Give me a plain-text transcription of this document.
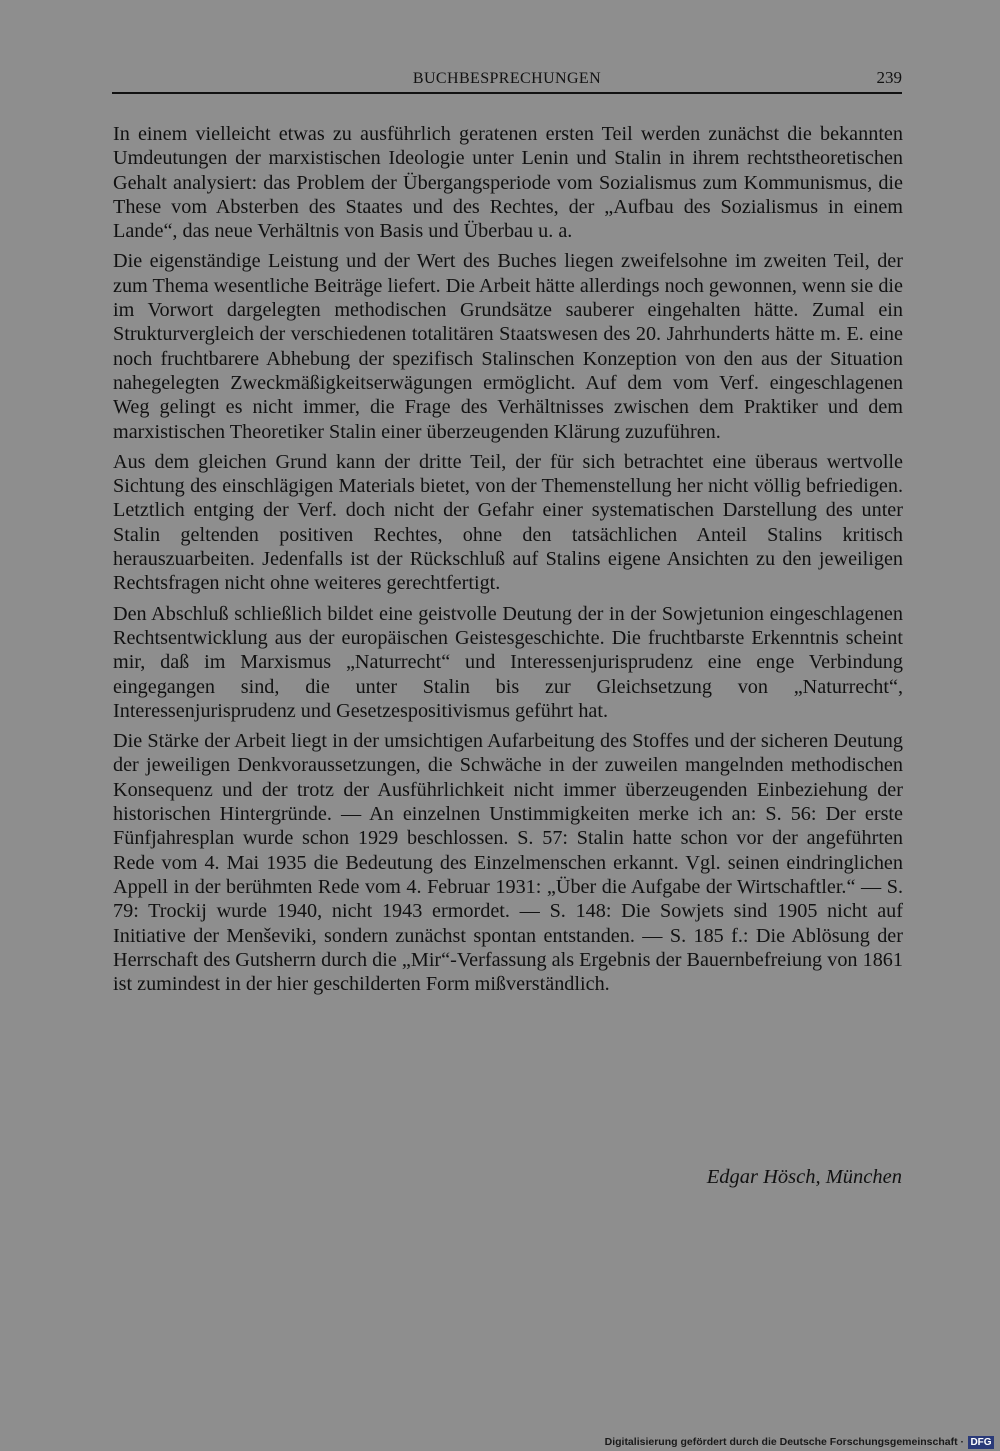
BUCHBESPRECHUNGEN	239

In einem vielleicht etwas zu ausführlich geratenen ersten Teil werden zunächst die bekannten Umdeutungen der marxistischen Ideologie unter Lenin und Stalin in ihrem rechtstheoretischen Gehalt analysiert: das Problem der Übergangsperiode vom Sozialismus zum Kommunismus, die These vom Absterben des Staates und des Rechtes, der „Aufbau des Sozialismus in einem Lande“, das neue Verhältnis von Basis und Überbau u. a.

Die eigenständige Leistung und der Wert des Buches liegen zweifelsohne im zweiten Teil, der zum Thema wesentliche Beiträge liefert. Die Arbeit hätte allerdings noch gewonnen, wenn sie die im Vorwort dargelegten methodischen Grundsätze sauberer eingehalten hätte. Zumal ein Strukturvergleich der verschiedenen totalitären Staatswesen des 20. Jahrhunderts hätte m. E. eine noch fruchtbarere Abhebung der spezifisch Stalinschen Konzeption von den aus der Situation nahegelegten Zweckmäßigkeitserwägungen ermöglicht. Auf dem vom Verf. eingeschlagenen Weg gelingt es nicht immer, die Frage des Verhältnisses zwischen dem Praktiker und dem marxistischen Theoretiker Stalin einer überzeugenden Klärung zuzuführen.

Aus dem gleichen Grund kann der dritte Teil, der für sich betrachtet eine überaus wertvolle Sichtung des einschlägigen Materials bietet, von der Themenstellung her nicht völlig befriedigen. Letztlich entging der Verf. doch nicht der Gefahr einer systematischen Darstellung des unter Stalin geltenden positiven Rechtes, ohne den tatsächlichen Anteil Stalins kritisch herauszuarbeiten. Jedenfalls ist der Rückschluß auf Stalins eigene Ansichten zu den jeweiligen Rechtsfragen nicht ohne weiteres gerechtfertigt.

Den Abschluß schließlich bildet eine geistvolle Deutung der in der Sowjetunion eingeschlagenen Rechtsentwicklung aus der europäischen Geistesgeschichte. Die fruchtbarste Erkenntnis scheint mir, daß im Marxismus „Naturrecht“ und Interessenjurisprudenz eine enge Verbindung eingegangen sind, die unter Stalin bis zur Gleichsetzung von „Naturrecht“, Interessenjurisprudenz und Gesetzespositivismus geführt hat.

Die Stärke der Arbeit liegt in der umsichtigen Aufarbeitung des Stoffes und der sicheren Deutung der jeweiligen Denkvoraussetzungen, die Schwäche in der zuweilen mangelnden methodischen Konsequenz und der trotz der Ausführlichkeit nicht immer überzeugenden Einbeziehung der historischen Hintergründe. — An einzelnen Unstimmigkeiten merke ich an: S. 56: Der erste Fünfjahresplan wurde schon 1929 beschlossen. S. 57: Stalin hatte schon vor der angeführten Rede vom 4. Mai 1935 die Bedeutung des Einzelmenschen erkannt. Vgl. seinen eindringlichen Appell in der berühmten Rede vom 4. Februar 1931: „Über die Aufgabe der Wirtschaftler.“ — S. 79: Trockij wurde 1940, nicht 1943 ermordet. — S. 148: Die Sowjets sind 1905 nicht auf Initiative der Menševiki, sondern zunächst spontan entstanden. — S. 185 f.: Die Ablösung der Herrschaft des Gutsherrn durch die „Mir“-Verfassung als Ergebnis der Bauernbefreiung von 1861 ist zumindest in der hier geschilderten Form mißverständlich.

Edgar Hösch, München
Digitalisierung gefördert durch die Deutsche Forschungsgemeinschaft · DFG
